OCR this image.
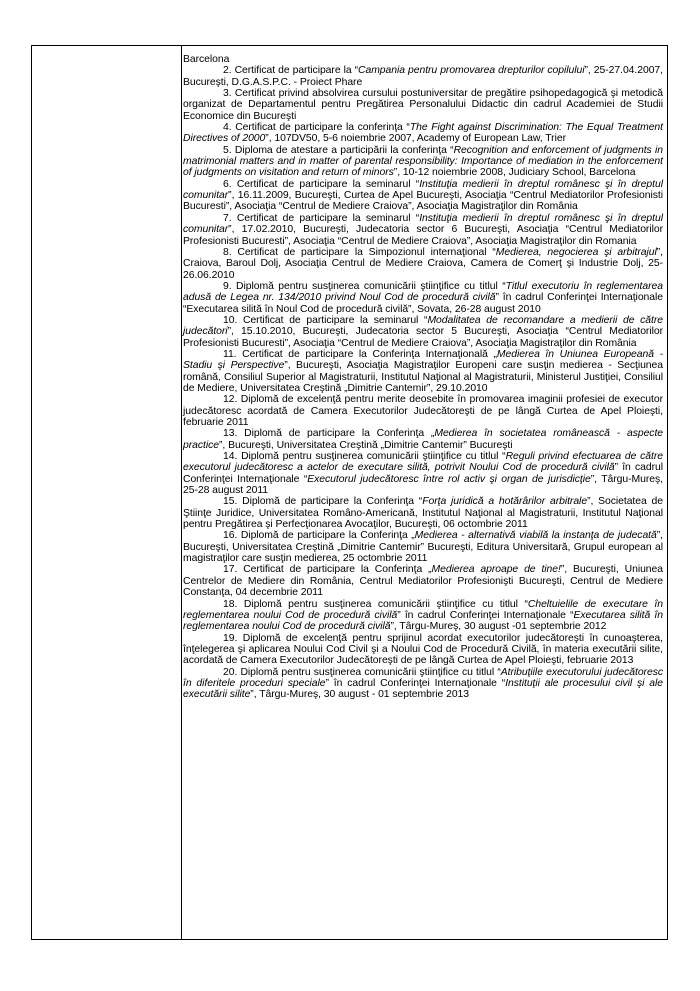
Barcelona

2. Certificat de participare la “Campania pentru promovarea drepturilor copilului”, 25-27.04.2007, Bucureşti, D.G.A.S.P.C. - Proiect Phare

3. Certificat privind absolvirea cursului postuniversitar de pregătire psihopedagogică şi metodică organizat de Departamentul pentru Pregătirea Personalului Didactic din cadrul Academiei de Studii Economice din Bucureşti

4. Certificat de participare la conferinţa “The Fight against Discrimination: The Equal Treatment Directives of 2000”, 107DV50, 5-6 noiembrie 2007, Academy of European Law, Trier

5. Diploma de atestare a participării la conferinţa “Recognition and enforcement of judgments in matrimonial matters and in matter of parental responsibility: Importance of mediation in the enforcement of judgments on visitation and return of minors”, 10-12 noiembrie 2008, Judiciary School, Barcelona

6. Certificat de participare la seminarul “Instituţia medierii în dreptul românesc şi în dreptul comunitar”, 16.11.2009, Bucureşti, Curtea de Apel Bucureşti, Asociaţia “Centrul Mediatorilor Profesionisti Bucuresti”, Asociaţia “Centrul de Mediere Craiova”, Asociaţia Magistraţilor din România

7. Certificat de participare la seminarul “Instituţia medierii în dreptul românesc şi în dreptul comunitar”, 17.02.2010, Bucureşti, Judecatoria sector 6 Bucureşti, Asociaţia “Centrul Mediatorilor Profesionisti Bucuresti”, Asociaţia “Centrul de Mediere Craiova”, Asociaţia Magistraţilor din Romania

8. Certificat de participare la Simpozionul internaţional “Medierea, negocierea şi arbitrajul”, Craiova, Baroul Dolj, Asociaţia Centrul de Mediere Craiova, Camera de Comerţ şi Industrie Dolj, 25-26.06.2010

9. Diplomă pentru susţinerea comunicării ştiinţifice cu titlul “Titlul executoriu în reglementarea adusă de Legea nr. 134/2010 privind Noul Cod de procedură civilă” în cadrul Conferinţei Internaţionale “Executarea silită în Noul Cod de procedură civilă”, Sovata, 26-28 august 2010

10. Certificat de participare la seminarul “Modalitatea de recomandare a medierii de către judecători”, 15.10.2010, Bucureşti, Judecatoria sector 5 Bucureşti, Asociaţia “Centrul Mediatorilor Profesionisti Bucuresti”, Asociaţia “Centrul de Mediere Craiova”, Asociaţia Magistraţilor din România

11. Certificat de participare la Conferinţa Internaţională „Medierea în Uniunea Europeană - Stadiu şi Perspective”, Bucureşti, Asociaţia Magistraţilor Europeni care susţin medierea - Secţiunea română, Consiliul Superior al Magistraturii, Institutul Naţional al Magistraturii, Ministerul Justiţiei, Consiliul de Mediere, Universitatea Creştină „Dimitrie Cantemir”, 29.10.2010

12. Diplomă de excelenţă pentru merite deosebite în promovarea imaginii profesiei de executor judecătoresc acordată de Camera Executorilor Judecătoreşti de pe lângă Curtea de Apel Ploieşti, februarie 2011

13. Diplomă de participare la Conferinţa „Medierea în societatea românească - aspecte practice”, Bucureşti, Universitatea Creştină „Dimitrie Cantemir” Bucureşti

14. Diplomă pentru susţinerea comunicării ştiinţifice cu titlul “Reguli privind efectuarea de către executorul judecătoresc a actelor de executare silită, potrivit Noului Cod de procedură civilă” în cadrul Conferinţei Internaţionale “Executorul judecătoresc între rol activ şi organ de jurisdicţie”, Târgu-Mureş, 25-28 august 2011

15. Diplomă de participare la Conferinţa “Forţa juridică a hotărârilor arbitrale”, Societatea de Ştiinţe Juridice, Universitatea Româno-Americană, Institutul Naţional al Magistraturii, Institutul Naţional pentru Pregătirea şi Perfecţionarea Avocaţilor, Bucureşti, 06 octombrie 2011

16. Diplomă de participare la Conferinţa „Medierea - alternativă viabilă la instanţa de judecată”, Bucureşti, Universitatea Creştină „Dimitrie Cantemir” Bucureşti, Editura Universitară, Grupul european al magistraţilor care susţin medierea, 25 octombrie 2011

17. Certificat de participare la Conferinţa „Medierea aproape de tine!”, Bucureşti, Uniunea Centrelor de Mediere din România, Centrul Mediatorilor Profesionişti Bucureşti, Centrul de Mediere Constanţa, 04 decembrie 2011

18. Diplomă pentru susţinerea comunicării ştiinţifice cu titlul “Cheltuielile de executare în reglementarea noului Cod de procedură civilă” în cadrul Conferinţei Internaţionale “Executarea silită în reglementarea noului Cod de procedură civilă”, Târgu-Mureş, 30 august -01 septembrie 2012

19. Diplomă de excelenţă pentru sprijinul acordat executorilor judecătoreşti în cunoaşterea, înţelegerea şi aplicarea Noului Cod Civil şi a Noului Cod de Procedură Civilă, în materia executării silite, acordată de Camera Executorilor Judecătoreşti de pe lângă Curtea de Apel Ploieşti, februarie 2013

20. Diplomă pentru susţinerea comunicării ştiinţifice cu titlul “Atribuţiile executorului judecătoresc în diferitele proceduri speciale” în cadrul Conferinţei Internaţionale “Instituţii ale procesului civil şi ale executării silite”, Târgu-Mureş, 30 august - 01 septembrie 2013
